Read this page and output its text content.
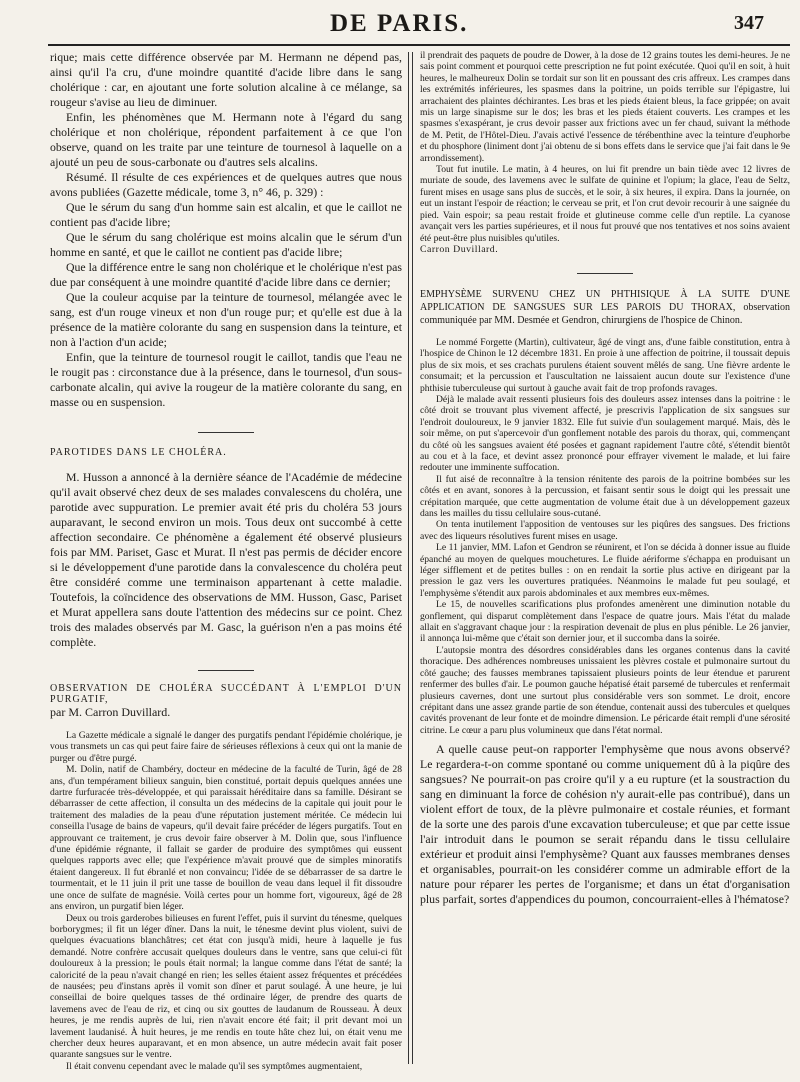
DE PARIS.	347

rique; mais cette différence observée par M. Hermann ne dépend pas, ainsi qu'il l'a cru, d'une moindre quantité d'acide libre dans le sang cholérique : car, en ajoutant une forte solution alcaline à ce mélange, sa rougeur s'avise au lieu de diminuer.

Enfin, les phénomènes que M. Hermann note à l'égard du sang cholérique et non cholérique, répondent parfaitement à ce que l'on observe, quand on les traite par une teinture de tournesol à laquelle on a ajouté un peu de sous-carbonate ou d'autres sels alcalins.

Résumé. Il résulte de ces expériences et de quelques autres que nous avons publiées (Gazette médicale, tome 3, n° 46, p. 329) :

Que le sérum du sang d'un homme sain est alcalin, et que le caillot ne contient pas d'acide libre;

Que le sérum du sang cholérique est moins alcalin que le sérum d'un homme en santé, et que le caillot ne contient pas d'acide libre;

Que la différence entre le sang non cholérique et le cholérique n'est pas due par conséquent à une moindre quantité d'acide libre dans ce dernier;

Que la couleur acquise par la teinture de tournesol, mélangée avec le sang, est d'un rouge vineux et non d'un rouge pur; et qu'elle est due à la présence de la matière colorante du sang en suspension dans la teinture, et non à l'action d'un acide;

Enfin, que la teinture de tournesol rougit le caillot, tandis que l'eau ne le rougit pas : circonstance due à la présence, dans le tournesol, d'un sous-carbonate alcalin, qui avive la rougeur de la matière colorante du sang, en masse ou en suspension.

PAROTIDES DANS LE CHOLÉRA.

M. Husson a annoncé à la dernière séance de l'Académie de médecine qu'il avait observé chez deux de ses malades convalescens du choléra, une parotide avec suppuration. Le premier avait été pris du choléra 53 jours auparavant, le second environ un mois. Tous deux ont succombé à cette affection secondaire. Ce phénomène a également été observé plusieurs fois par MM. Pariset, Gasc et Murat. Il n'est pas permis de décider encore si le développement d'une parotide dans la convalescence du choléra peut être considéré comme une terminaison appartenant à cette maladie. Toutefois, la coïncidence des observations de MM. Husson, Gasc, Pariset et Murat appellera sans doute l'attention des médecins sur ce point. Chez trois des malades observés par M. Gasc, la guérison n'en a pas moins été complète.

OBSERVATION DE CHOLÉRA SUCCÉDANT À L'EMPLOI D'UN PURGATIF,

par M. Carron Duvillard.

La Gazette médicale a signalé le danger des purgatifs pendant l'épidémie cholérique, je vous transmets un cas qui peut faire faire de sérieuses réflexions à ceux qui ont la manie de purger ou d'être purgé.

M. Dolin, natif de Chambéry, docteur en médecine de la faculté de Turin, âgé de 28 ans, d'un tempérament bilieux sanguin, bien constitué, portait depuis quelques années une dartre furfuracée très-développée, et qui paraissait héréditaire dans sa famille. Désirant se débarrasser de cette affection, il consulta un des médecins de la capitale qui jouit pour le traitement des maladies de la peau d'une réputation justement méritée. Ce médecin lui conseilla l'usage de bains de vapeurs, qu'il devait faire précéder de légers purgatifs. Tout en approuvant ce traitement, je crus devoir faire observer à M. Dolin que, sous l'influence d'une épidémie régnante, il fallait se garder de produire des symptômes qui eussent quelques rapports avec elle; que l'expérience m'avait prouvé que de simples minoratifs étaient dangereux. Il fut ébranlé et non convaincu; l'idée de se débarrasser de sa dartre le tourmentait, et le 11 juin il prit une tasse de bouillon de veau dans lequel il fit dissoudre une once de sulfate de magnésie. Voilà certes pour un homme fort, vigoureux, âgé de 28 ans environ, un purgatif bien léger.

Deux ou trois garderobes bilieuses en furent l'effet, puis il survint du ténesme, quelques borborygmes; il fit un léger dîner. Dans la nuit, le ténesme devint plus violent, suivi de quelques évacuations blanchâtres; cet état con jusqu'à midi, heure à laquelle je fus demandé. Notre confrère accusait quelques douleurs dans le ventre, sans que celui-ci fût douloureux à la pression; le pouls était normal; la langue comme dans l'état de santé; la caloricité de la peau n'avait changé en rien; les selles étaient assez fréquentes et précédées de nausées; peu d'instans après il vomit son dîner et parut soulagé. À une heure, je lui conseillai de boire quelques tasses de thé ordinaire léger, de prendre des quarts de lavemens avec de l'eau de riz, et cinq ou six gouttes de laudanum de Rousseau. À deux heures, je me rendis auprès de lui, rien n'avait encore été fait; il prit devant moi un lavement laudanisé. À huit heures, je me rendis en toute hâte chez lui, on était venu me chercher deux heures auparavant, et en mon absence, un autre médecin avait fait poser quarante sangsues sur le ventre.

Il était convenu cependant avec le malade qu'il ses symptômes augmentaient,

il prendrait des paquets de poudre de Dower, à la dose de 12 grains toutes les demi-heures. Je ne sais point comment et pourquoi cette prescription ne fut point exécutée. Quoi qu'il en soit, à huit heures, le malheureux Dolin se tordait sur son lit en poussant des cris affreux. Les crampes dans les extrémités inférieures, les spasmes dans la poitrine, un poids terrible sur l'épigastre, lui arrachaient des plaintes déchirantes. Les bras et les pieds étaient bleus, la face grippée; on avait mis un large sinapisme sur le dos; les bras et les pieds étaient couverts. Les crampes et les spasmes s'exaspérant, je crus devoir passer aux frictions avec un fer chaud, suivant la méthode de M. Petit, de l'Hôtel-Dieu. J'avais activé l'essence de térébenthine avec la teinture d'euphorbe et du phosphore (liniment dont j'ai obtenu de si bons effets dans le service que j'ai fait dans le 9e arrondissement).

Tout fut inutile. Le matin, à 4 heures, on lui fit prendre un bain tiède avec 12 livres de muriate de soude, des lavemens avec le sulfate de quinine et l'opium; la glace, l'eau de Seltz, furent mises en usage sans plus de succès, et le soir, à six heures, il expira. Dans la journée, on eut un instant l'espoir de réaction; le cerveau se prit, et l'on crut devoir recourir à une saignée du pied. Vain espoir; sa peau restait froide et glutineuse comme celle d'un reptile. La cyanose avançait vers les parties supérieures, et il nous fut prouvé que nos tentatives et nos soins avaient été peut-être plus nuisibles qu'utiles.

Carron Duvillard.

EMPHYSÈME SURVENU CHEZ UN PHTHISIQUE À LA SUITE D'UNE APPLICATION DE SANGSUES SUR LES PAROIS DU THORAX, observation communiquée par MM. Desmée et Gendron, chirurgiens de l'hospice de Chinon.

Le nommé Forgette (Martin), cultivateur, âgé de vingt ans, d'une faible constitution, entra à l'hospice de Chinon le 12 décembre 1831. En proie à une affection de poitrine, il toussait depuis plus de six mois, et ses crachats purulens étaient souvent mêlés de sang. Une fièvre ardente le consumait; et la percussion et l'auscultation ne laissaient aucun doute sur l'existence d'une phthisie tuberculeuse qui surtout à gauche avait fait de trop profonds ravages.

Déjà le malade avait ressenti plusieurs fois des douleurs assez intenses dans la poitrine : le côté droit se trouvant plus vivement affecté, je prescrivis l'application de six sangsues sur l'endroit douloureux, le 9 janvier 1832. Elle fut suivie d'un soulagement marqué. Mais, dès le soir même, on put s'apercevoir d'un gonflement notable des parois du thorax, qui, commençant du côté où les sangsues avaient été posées et gagnant rapidement l'autre côté, s'étendit bientôt au cou et à la face, et devint assez prononcé pour effrayer vivement le malade, et lui faire redouter une imminente suffocation.

Il fut aisé de reconnaître à la tension rénitente des parois de la poitrine bombées sur les côtés et en avant, sonores à la percussion, et faisant sentir sous le doigt qui les pressait une crépitation marquée, que cette augmentation de volume était due à un développement gazeux dans les mailles du tissu cellulaire sous-cutané.

On tenta inutilement l'apposition de ventouses sur les piqûres des sangsues. Des frictions avec des liqueurs résolutives furent mises en usage.

Le 11 janvier, MM. Lafon et Gendron se réunirent, et l'on se décida à donner issue au fluide épanché au moyen de quelques mouchetures. Le fluide aériforme s'échappa en produisant un léger sifflement et de petites bulles : on en rendait la sortie plus active en dirigeant par la pression le gaz vers les ouvertures pratiquées. Néanmoins le malade fut peu soulagé, et l'emphysème s'étendit aux parois abdominales et aux membres eux-mêmes.

Le 15, de nouvelles scarifications plus profondes amenèrent une diminution notable du gonflement, qui disparut complètement dans l'espace de quatre jours. Mais l'état du malade allait en s'aggravant chaque jour : la respiration devenait de plus en plus pénible. Le 26 janvier, il annonça lui-même que c'était son dernier jour, et il succomba dans la soirée.

L'autopsie montra des désordres considérables dans les organes contenus dans la cavité thoracique. Des adhérences nombreuses unissaient les plèvres costale et pulmonaire surtout du côté gauche; des fausses membranes tapissaient plusieurs points de leur étendue et parurent renfermer des bulles d'air. Le poumon gauche hépatisé était parsemé de tubercules et renfermait plusieurs cavernes, dont une surtout plus considérable vers son sommet. Le droit, encore crépitant dans une assez grande partie de son étendue, contenait aussi des tubercules et quelques cavités provenant de leur fonte et de moindre dimension. Le péricarde était rempli d'une sérosité citrine. Le cœur a paru plus volumineux que dans l'état normal.

A quelle cause peut-on rapporter l'emphysème que nous avons observé? Le regardera-t-on comme spontané ou comme uniquement dû à la piqûre des sangsues? Ne pourrait-on pas croire qu'il y a eu rupture (et la soustraction du sang en diminuant la force de cohésion n'y aurait-elle pas contribué), dans un violent effort de toux, de la plèvre pulmonaire et costale réunies, et formant de la sorte une des parois d'une excavation tuberculeuse; et que par cette issue l'air introduit dans le poumon se serait répandu dans le tissu cellulaire extérieur et produit ainsi l'emphysème? Quant aux fausses membranes denses et organisables, pourrait-on les considérer comme un admirable effort de la nature pour réparer les pertes de l'organisme; et dans un état d'organisation plus parfait, sortes d'appendices du poumon, concourraient-elles à l'hématose?
